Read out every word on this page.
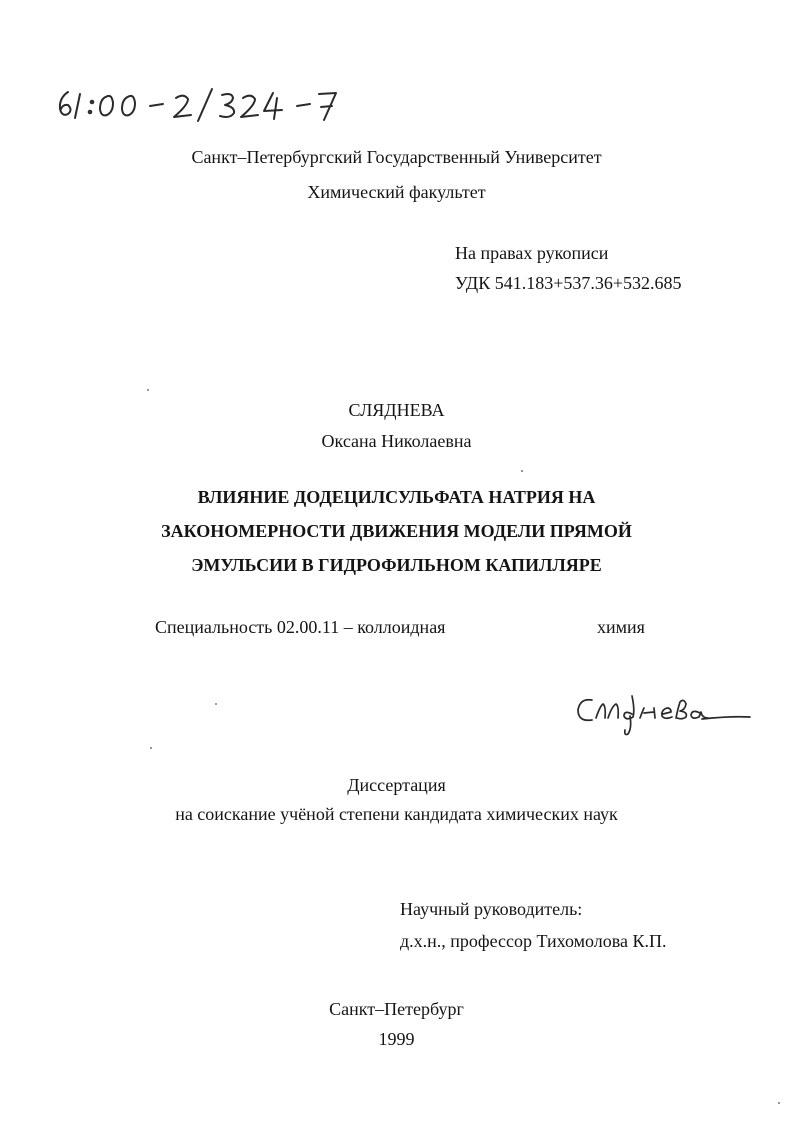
Санкт–Петербургский Государственный Университет
Химический факультет
На правах рукописи
УДК 541.183+537.36+532.685
СЛЯДНЕВА
Оксана Николаевна
ВЛИЯНИЕ ДОДЕЦИЛСУЛЬФАТА НАТРИЯ НА
ЗАКОНОМЕРНОСТИ ДВИЖЕНИЯ МОДЕЛИ ПРЯМОЙ
ЭМУЛЬСИИ В ГИДРОФИЛЬНОМ КАПИЛЛЯРЕ
Специальность 02.00.11 – коллоидная	химия
Диссертация
на соискание учёной степени кандидата химических наук
Научный руководитель:
д.х.н., профессор Тихомолова К.П.
Санкт–Петербург
1999
